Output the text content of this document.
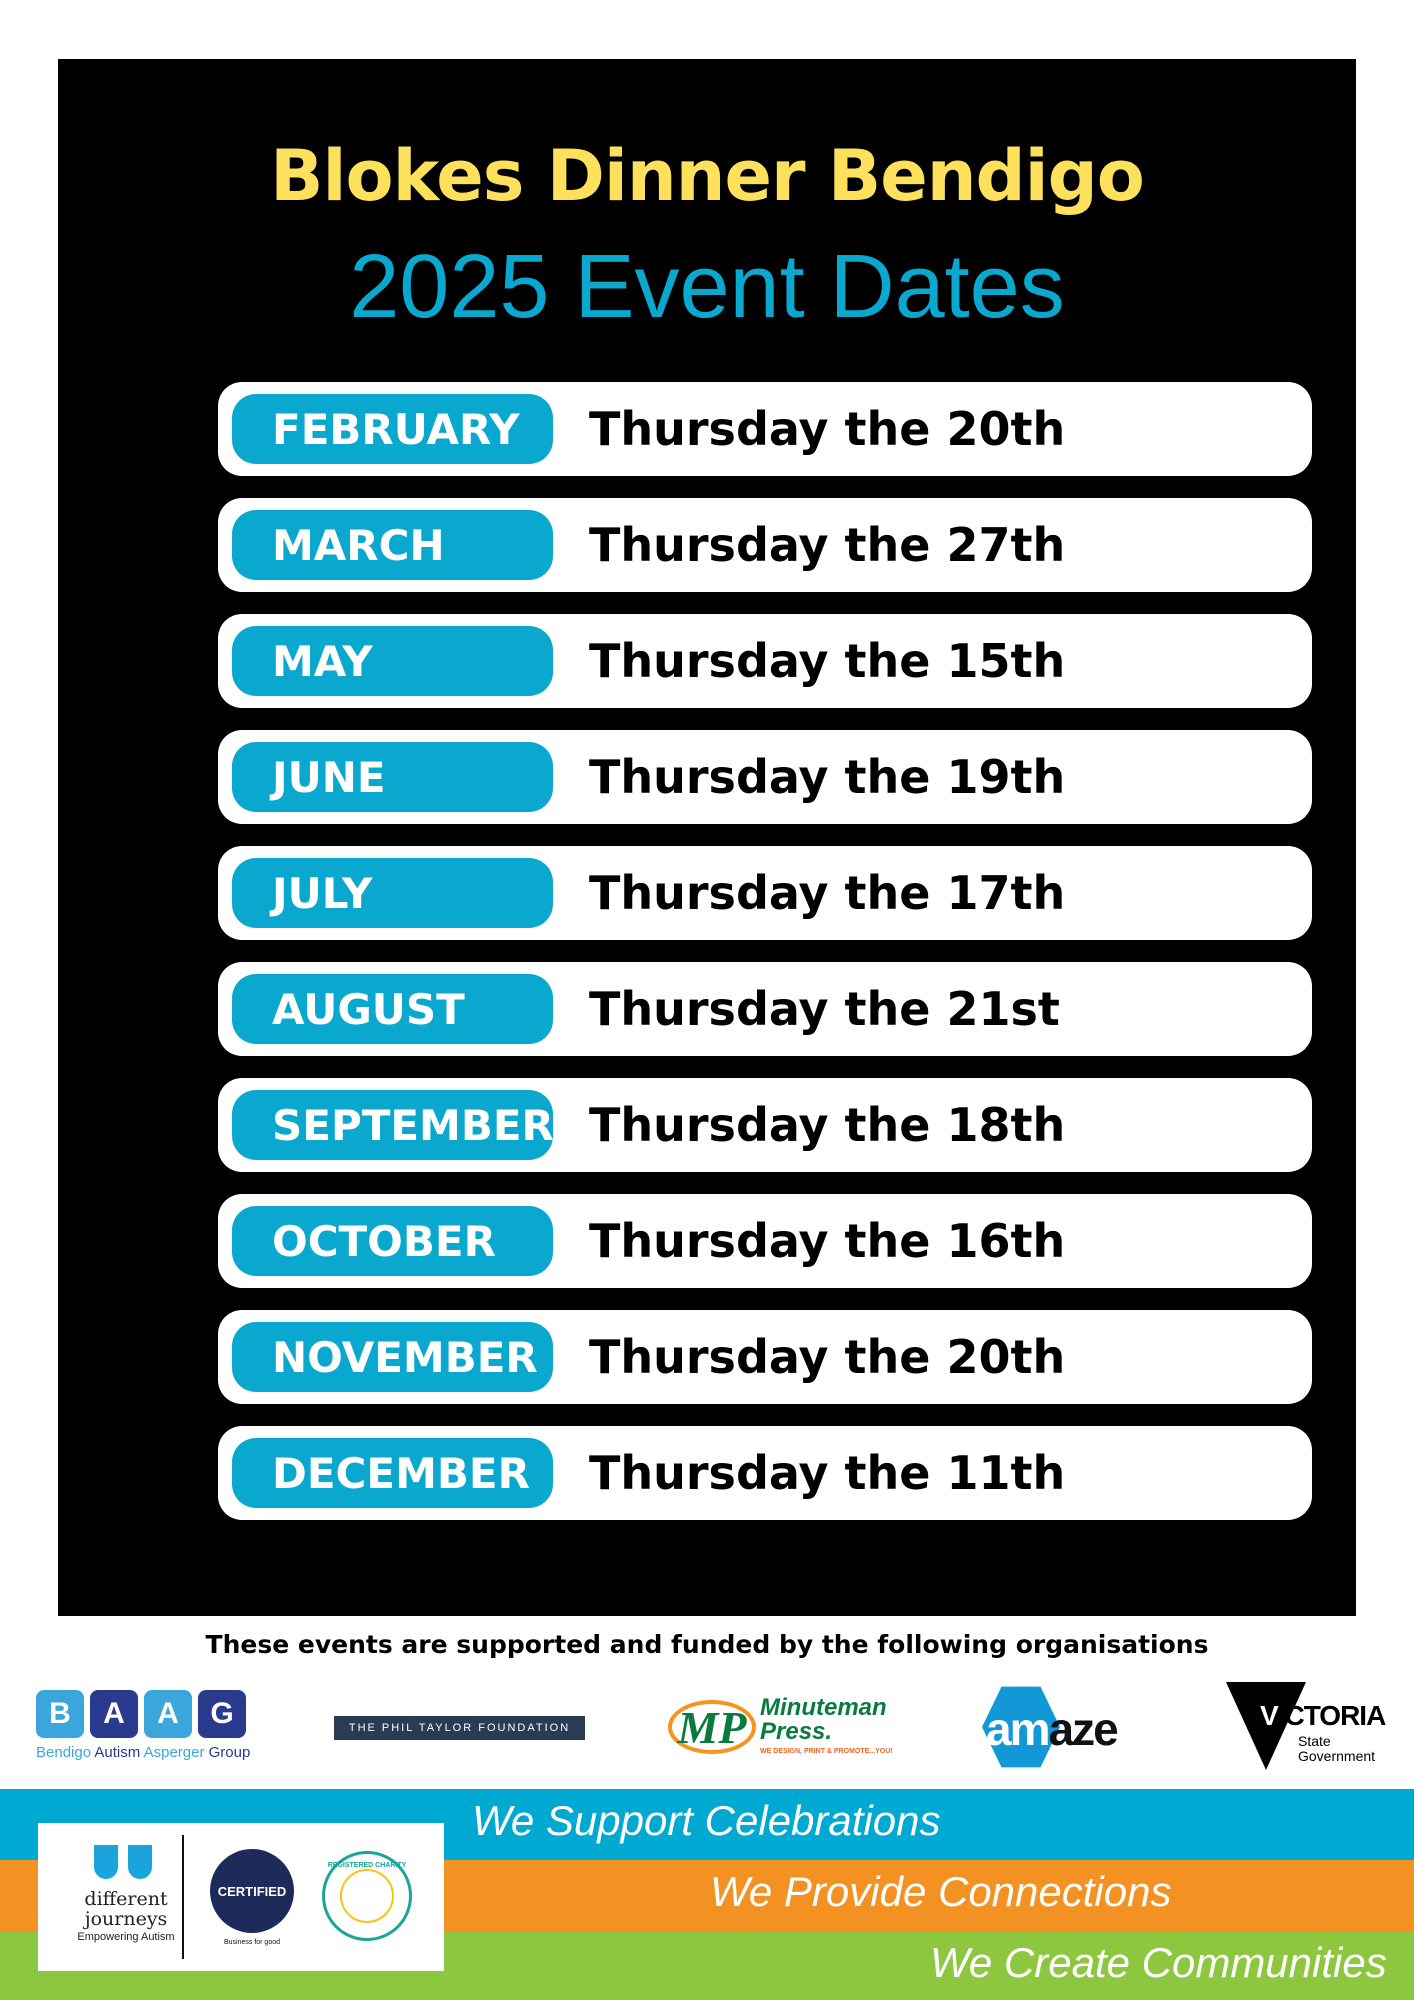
Blokes Dinner Bendigo
2025 Event Dates
FEBRUARY	Thursday the 20th
MARCH	Thursday the 27th
MAY	Thursday the 15th
JUNE	Thursday the 19th
JULY	Thursday the 17th
AUGUST	Thursday the 21st
SEPTEMBER Thursday the 18th
OCTOBER	Thursday the 16th
NOVEMBER	Thursday the 20th
DECEMBER	Thursday the 11th
These events are supported and funded by the following organisations
B	A	A	G
Bendigo Autism Asperger Group
THE PHIL TAYLOR FOUNDATION	MP Minuteman
Press.
WE DESIGN, PRINT & PROMOTE...YOU! amaze	VICTORIA
State
Government
We Support Celebrations
We Provide Connections
We Create Communities
different
journeys
Empowering Autism
CERTIFIED
Business for good
REGISTERED CHARITY
